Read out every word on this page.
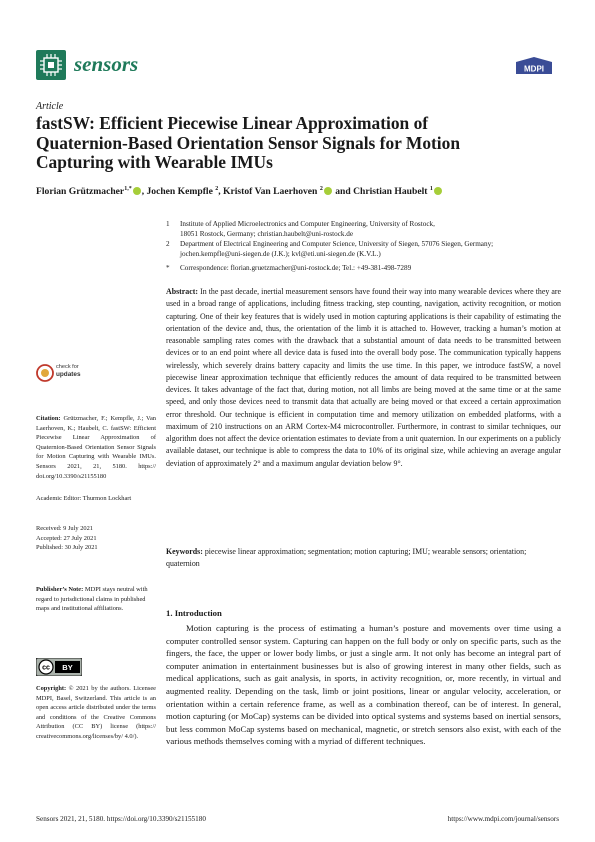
sensors	MDPI
Article
fastSW: Efficient Piecewise Linear Approximation of
Quaternion-Based Orientation Sensor Signals for Motion
Capturing with Wearable IMUs
Florian Grützmacher$^{1,*}$ , Jochen Kempfle $^2$, Kristof Van Laerhoven $^2$ and Christian Haubelt $^1$
1 Institute of Applied Microelectronics and Computer Engineering, University of Rostock,
18051 Rostock, Germany; christian.haubelt@uni-rostock.de
2 Department of Electrical Engineering and Computer Science, University of Siegen, 57076 Siegen, Germany;
jochen.kempfle@uni-siegen.de (J.K.); kvl@eti.uni-siegen.de (K.V.L.)
* Correspondence: florian.gruetzmacher@uni-rostock.de; Tel.: +49-381-498-7289
Abstract: In the past decade, inertial measurement sensors have found their way into many wearable devices where they are used in a broad range of applications, including fitness tracking, step counting, navigation, activity recognition, or motion capturing. One of their key features that is widely used in motion capturing applications is their capability of estimating the orientation of the device and, thus, the orientation of the limb it is attached to. However, tracking a human’s motion at reasonable sampling rates comes with the drawback that a substantial amount of data needs to be transmitted between devices or to an end point where all device data is fused into the overall body pose. The communication typically happens wirelessly, which severely drains battery capacity and limits the use time. In this paper, we introduce fastSW, a novel piecewise linear approximation technique that efficiently reduces the amount of data required to be transmitted between devices. It takes advantage of the fact that, during motion, not all limbs are being moved at the same time or at the same speed, and only those devices need to transmit data that actually are being moved or that exceed a certain approximation error threshold. Our technique is efficient in computation time and memory utilization on embedded platforms, with a maximum of 210 instructions on an ARM Cortex-M4 microcontroller. Furthermore, in contrast to similar techniques, our algorithm does not affect the device orientation estimates to deviate from a unit quaternion. In our experiments on a publicly available dataset, our technique is able to compress the data to 10% of its original size, while achieving an average angular deviation of approximately 2° and a maximum angular deviation below 9°.
Keywords: piecewise linear approximation; segmentation; motion capturing; IMU; wearable sensors; orientation; quaternion
1. Introduction
Motion capturing is the process of estimating a human’s posture and movements over time using a computer controlled sensor system. Capturing can happen on the full body or only on specific parts, such as the fingers, the face, the upper or lower body limbs, or just a single arm. It not only has become an integral part of computer animation in entertainment businesses but is also of growing interest in many other fields, such as medical applications, such as gait analysis, in sports, in activity recognition, or, more recently, in virtual and augmented reality. Depending on the task, limb or joint positions, linear or angular velocity, acceleration, or orientation within a certain reference frame, as well as a combination thereof, can be of interest. In general, motion capturing (or MoCap) systems can be divided into optical systems and systems based on inertial sensors, but less common MoCap systems based on mechanical, magnetic, or stretch sensors also exist, with each of the various methods themselves coming with a myriad of different techniques.
check for
updates
Citation: Grützmacher, F.; Kempfle, J.; Van Laerhoven, K.; Haubelt, C. fastSW: Efficient Piecewise Linear Approximation of Quaternion-Based Orientation Sensor Signals for Motion Capturing with Wearable IMUs. Sensors 2021, 21, 5180. https:// doi.org/10.3390/s21155180
Academic Editor: Thurmon Lockhart
Received: 9 July 2021
Accepted: 27 July 2021
Published: 30 July 2021
Publisher’s Note: MDPI stays neutral with regard to jurisdictional claims in published maps and institutional affiliations.
cc BY
Copyright: © 2021 by the authors. Licensee MDPI, Basel, Switzerland. This article is an open access article distributed under the terms and conditions of the Creative Commons Attribution (CC BY) license (https:// creativecommons.org/licenses/by/ 4.0/).
Sensors 2021, 21, 5180. https://doi.org/10.3390/s21155180	https://www.mdpi.com/journal/sensors
